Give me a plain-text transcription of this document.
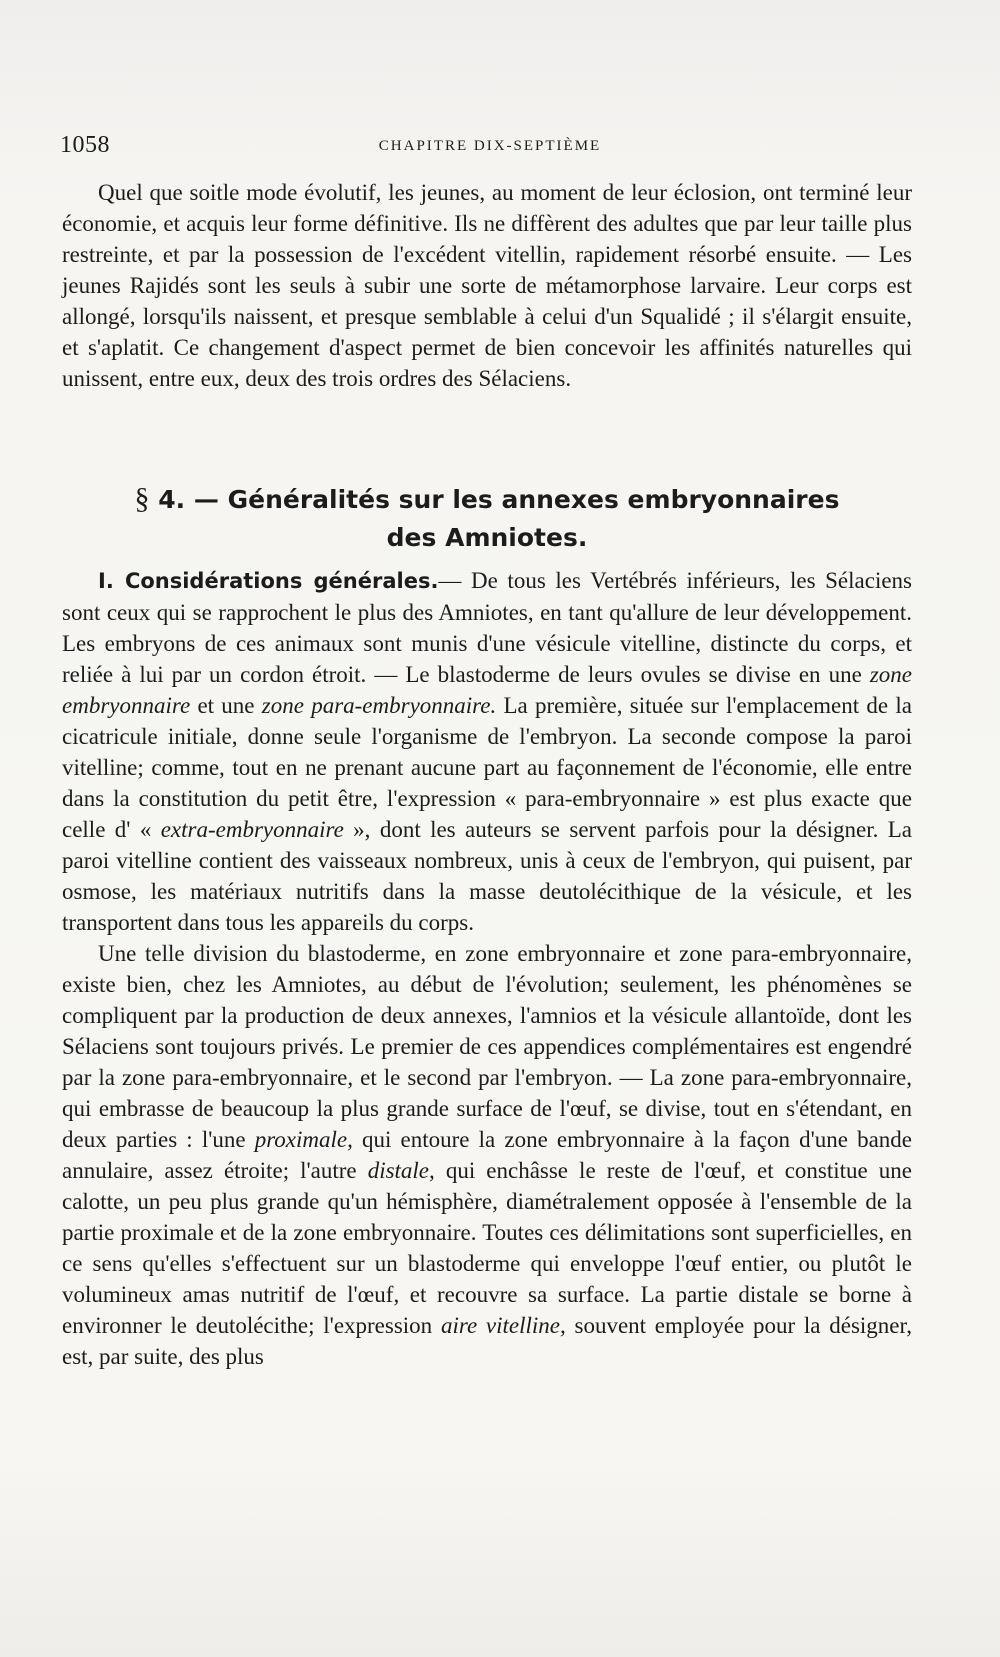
1058	CHAPITRE DIX-SEPTIÈME

Quel que soitle mode évolutif, les jeunes, au moment de leur éclosion, ont terminé leur économie, et acquis leur forme définitive. Ils ne diffèrent des adultes que par leur taille plus restreinte, et par la possession de l'excédent vitellin, rapidement résorbé ensuite. — Les jeunes Rajidés sont les seuls à subir une sorte de métamorphose larvaire. Leur corps est allongé, lorsqu'ils naissent, et presque semblable à celui d'un Squalidé ; il s'élargit ensuite, et s'aplatit. Ce changement d'aspect permet de bien concevoir les affinités naturelles qui unissent, entre eux, deux des trois ordres des Sélaciens.

§ 4. — Généralités sur les annexes embryonnaires
des Amniotes.

I. Considérations générales.— De tous les Vertébrés inférieurs, les Sélaciens sont ceux qui se rapprochent le plus des Amniotes, en tant qu'allure de leur développement. Les embryons de ces animaux sont munis d'une vésicule vitelline, distincte du corps, et reliée à lui par un cordon étroit. — Le blastoderme de leurs ovules se divise en une zone embryonnaire et une zone para-embryonnaire. La première, située sur l'emplacement de la cicatricule initiale, donne seule l'organisme de l'embryon. La seconde compose la paroi vitelline; comme, tout en ne prenant aucune part au façonnement de l'économie, elle entre dans la constitution du petit être, l'expression « para-embryonnaire » est plus exacte que celle d' « extra-embryonnaire », dont les auteurs se servent parfois pour la désigner. La paroi vitelline contient des vaisseaux nombreux, unis à ceux de l'embryon, qui puisent, par osmose, les matériaux nutritifs dans la masse deutolécithique de la vésicule, et les transportent dans tous les appareils du corps.

Une telle division du blastoderme, en zone embryonnaire et zone para-embryonnaire, existe bien, chez les Amniotes, au début de l'évolution; seulement, les phénomènes se compliquent par la production de deux annexes, l'amnios et la vésicule allantoïde, dont les Sélaciens sont toujours privés. Le premier de ces appendices complémentaires est engendré par la zone para-embryonnaire, et le second par l'embryon. — La zone para-embryonnaire, qui embrasse de beaucoup la plus grande surface de l'œuf, se divise, tout en s'étendant, en deux parties : l'une proximale, qui entoure la zone embryonnaire à la façon d'une bande annulaire, assez étroite; l'autre distale, qui enchâsse le reste de l'œuf, et constitue une calotte, un peu plus grande qu'un hémisphère, diamétralement opposée à l'ensemble de la partie proximale et de la zone embryonnaire. Toutes ces délimitations sont superficielles, en ce sens qu'elles s'effectuent sur un blastoderme qui enveloppe l'œuf entier, ou plutôt le volumineux amas nutritif de l'œuf, et recouvre sa surface. La partie distale se borne à environner le deutolécithe; l'expression aire vitelline, souvent employée pour la désigner, est, par suite, des plus
